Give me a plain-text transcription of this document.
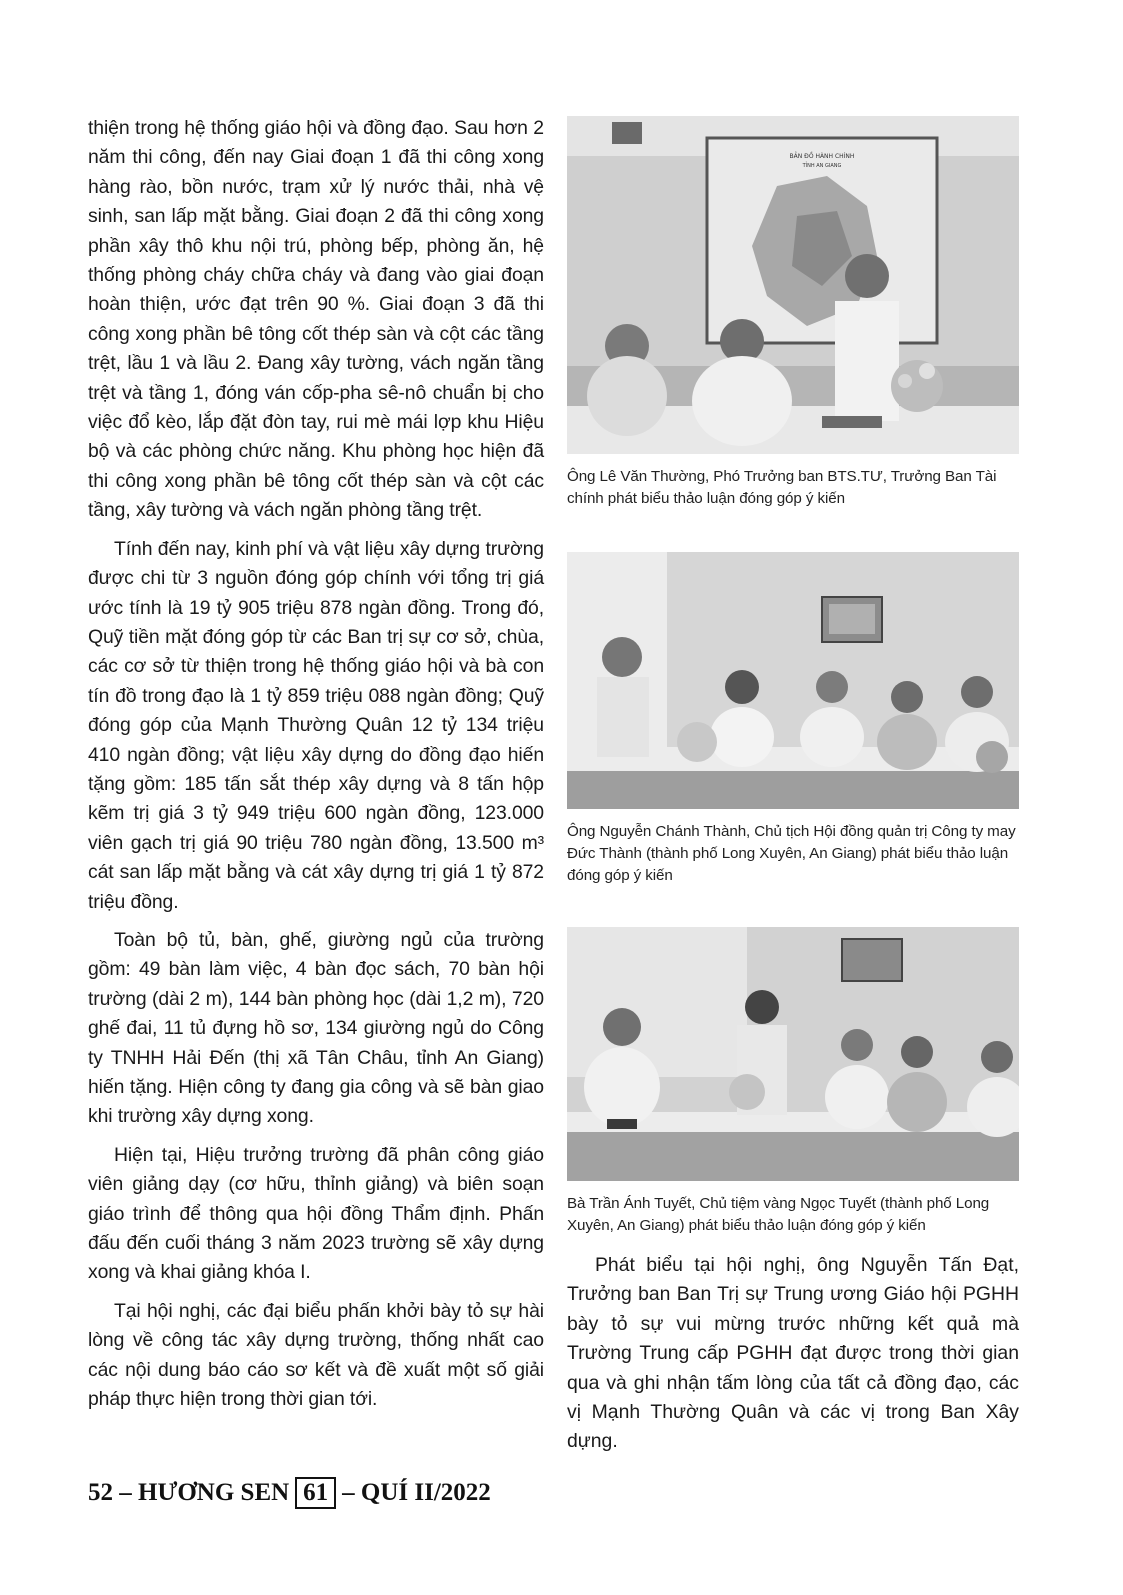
thiện trong hệ thống giáo hội và đồng đạo. Sau hơn 2 năm thi công, đến nay Giai đoạn 1 đã thi công xong hàng rào, bồn nước, trạm xử lý nước thải, nhà vệ sinh, san lấp mặt bằng. Giai đoạn 2 đã thi công xong phần xây thô khu nội trú, phòng bếp, phòng ăn, hệ thống phòng cháy chữa cháy và đang vào giai đoạn hoàn thiện, ước đạt trên 90 %. Giai đoạn 3 đã thi công xong phần bê tông cốt thép sàn và cột các tầng trệt, lầu 1 và lầu 2. Đang xây tường, vách ngăn tầng trệt và tầng 1, đóng ván cốp-pha sê-nô chuẩn bị cho việc đổ kèo, lắp đặt đòn tay, rui mè mái lợp khu Hiệu bộ và các phòng chức năng. Khu phòng học hiện đã thi công xong phần bê tông cốt thép sàn và cột các tầng, xây tường và vách ngăn phòng tầng trệt.

Tính đến nay, kinh phí và vật liệu xây dựng trường được chi từ 3 nguồn đóng góp chính với tổng trị giá ước tính là 19 tỷ 905 triệu 878 ngàn đồng. Trong đó, Quỹ tiền mặt đóng góp từ các Ban trị sự cơ sở, chùa, các cơ sở từ thiện trong hệ thống giáo hội và bà con tín đồ trong đạo là 1 tỷ 859 triệu 088 ngàn đồng; Quỹ đóng góp của Mạnh Thường Quân 12 tỷ 134 triệu 410 ngàn đồng; vật liệu xây dựng do đồng đạo hiến tặng gồm: 185 tấn sắt thép xây dựng và 8 tấn hộp kẽm trị giá 3 tỷ 949 triệu 600 ngàn đồng, 123.000 viên gạch trị giá 90 triệu 780 ngàn đồng, 13.500 m³ cát san lấp mặt bằng và cát xây dựng trị giá 1 tỷ 872 triệu đồng.

Toàn bộ tủ, bàn, ghế, giường ngủ của trường gồm: 49 bàn làm việc, 4 bàn đọc sách, 70 bàn hội trường (dài 2 m), 144 bàn phòng học (dài 1,2 m), 720 ghế đai, 11 tủ đựng hồ sơ, 134 giường ngủ do Công ty TNHH Hải Đến (thị xã Tân Châu, tỉnh An Giang) hiến tặng. Hiện công ty đang gia công và sẽ bàn giao khi trường xây dựng xong.

Hiện tại, Hiệu trưởng trường đã phân công giáo viên giảng dạy (cơ hữu, thỉnh giảng) và biên soạn giáo trình để thông qua hội đồng Thẩm định. Phấn đấu đến cuối tháng 3 năm 2023 trường sẽ xây dựng xong và khai giảng khóa I.

Tại hội nghị, các đại biểu phấn khởi bày tỏ sự hài lòng về công tác xây dựng trường, thống nhất cao các nội dung báo cáo sơ kết và đề xuất một số giải pháp thực hiện trong thời gian tới.

BẢN ĐỒ HÀNH CHÍNH
TỈNH AN GIANG

Ông Lê Văn Thường, Phó Trưởng ban BTS.TƯ, Trưởng Ban Tài chính phát biểu thảo luận đóng góp ý kiến

Ông Nguyễn Chánh Thành, Chủ tịch Hội đồng quản trị Công ty may Đức Thành (thành phố Long Xuyên, An Giang) phát biểu thảo luận đóng góp ý kiến

Bà Trần Ánh Tuyết, Chủ tiệm vàng Ngọc Tuyết (thành phố Long Xuyên, An Giang) phát biểu thảo luận đóng góp ý kiến

Phát biểu tại hội nghị, ông Nguyễn Tấn Đạt, Trưởng ban Ban Trị sự Trung ương Giáo hội PGHH bày tỏ sự vui mừng trước những kết quả mà Trường Trung cấp PGHH đạt được trong thời gian qua và ghi nhận tấm lòng của tất cả đồng đạo, các vị Mạnh Thường Quân và các vị trong Ban Xây dựng.

52
–
HƯƠNG SEN 61 –
QUÍ II/2022
